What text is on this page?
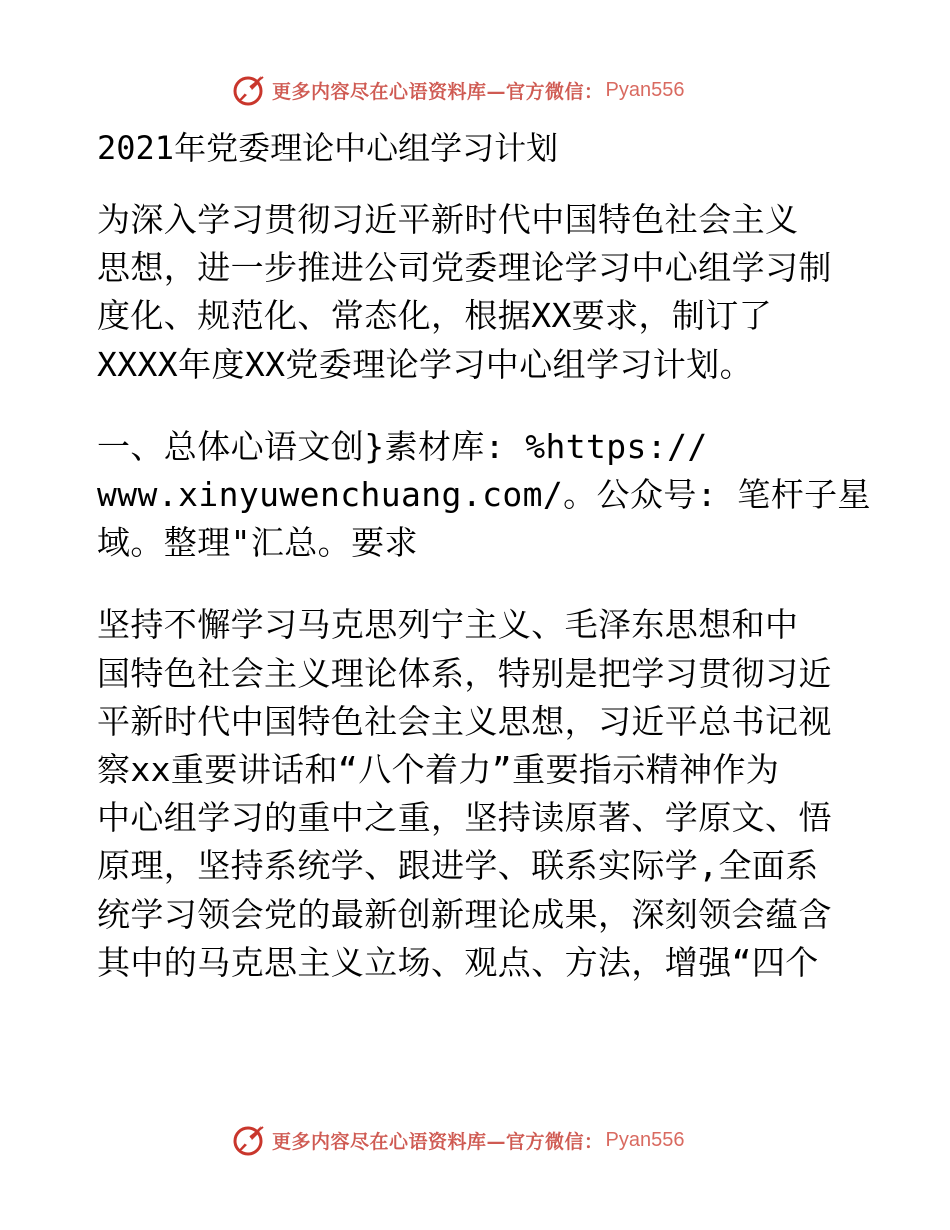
更多内容尽在心语资料库—官方微信： Pyan556
2021年党委理论中心组学习计划

为深入学习贯彻习近平新时代中国特色社会主义
思想，进一步推进公司党委理论学习中心组学习制
度化、规范化、常态化，根据XX要求，制订了
XXXX年度XX党委理论学习中心组学习计划。

一、总体心语文创}素材库: %https://
www.xinyuwenchuang.com/。公众号: 笔杆子星
域。整理"汇总。要求

坚持不懈学习马克思列宁主义、毛泽东思想和中
国特色社会主义理论体系，特别是把学习贯彻习近
平新时代中国特色社会主义思想，习近平总书记视
察xx重要讲话和“八个着力”重要指示精神作为
中心组学习的重中之重，坚持读原著、学原文、悟
原理，坚持系统学、跟进学、联系实际学,全面系
统学习领会党的最新创新理论成果，深刻领会蕴含
其中的马克思主义立场、观点、方法，增强“四个

更多内容尽在心语资料库—官方微信： Pyan556
